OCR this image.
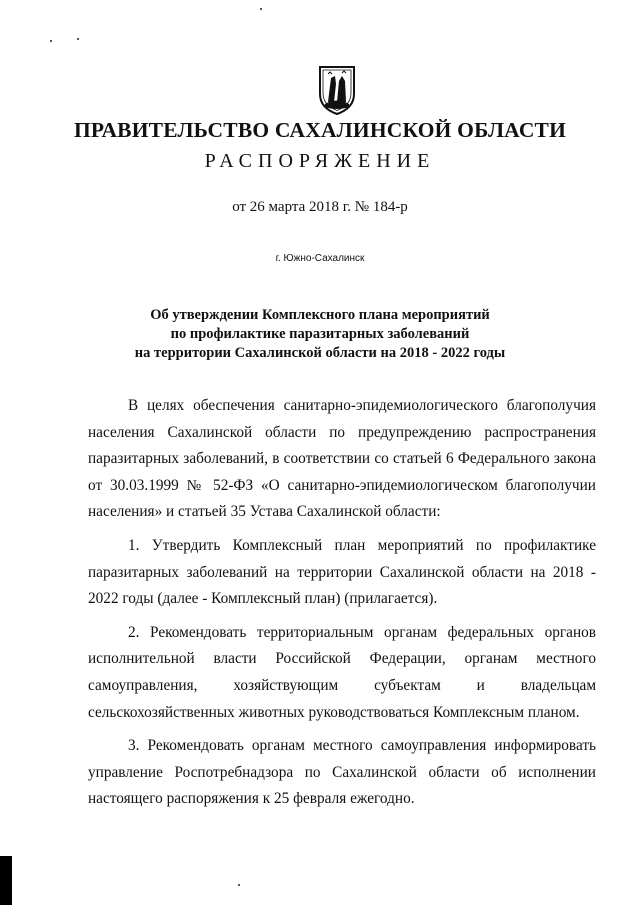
ПРАВИТЕЛЬСТВО САХАЛИНСКОЙ ОБЛАСТИ
РАСПОРЯЖЕНИЕ
от 26 марта 2018 г. № 184-р
г. Южно-Сахалинск
Об утверждении Комплексного плана мероприятий
по профилактике паразитарных заболеваний
на территории Сахалинской области на 2018 - 2022 годы

В целях обеспечения санитарно-эпидемиологического благополучия населения Сахалинской области по предупреждению распространения паразитарных заболеваний, в соответствии со статьей 6 Федерального закона от 30.03.1999 № 52-ФЗ «О санитарно-эпидемиологическом благополучии населения» и статьей 35 Устава Сахалинской области:

1. Утвердить Комплексный план мероприятий по профилактике паразитарных заболеваний на территории Сахалинской области на 2018 - 2022 годы (далее - Комплексный план) (прилагается).

2. Рекомендовать территориальным органам федеральных органов исполнительной власти Российской Федерации, органам местного самоуправления, хозяйствующим субъектам и владельцам сельскохозяйственных животных руководствоваться Комплексным планом.

3. Рекомендовать органам местного самоуправления информировать управление Роспотребнадзора по Сахалинской области об исполнении настоящего распоряжения к 25 февраля ежегодно.
